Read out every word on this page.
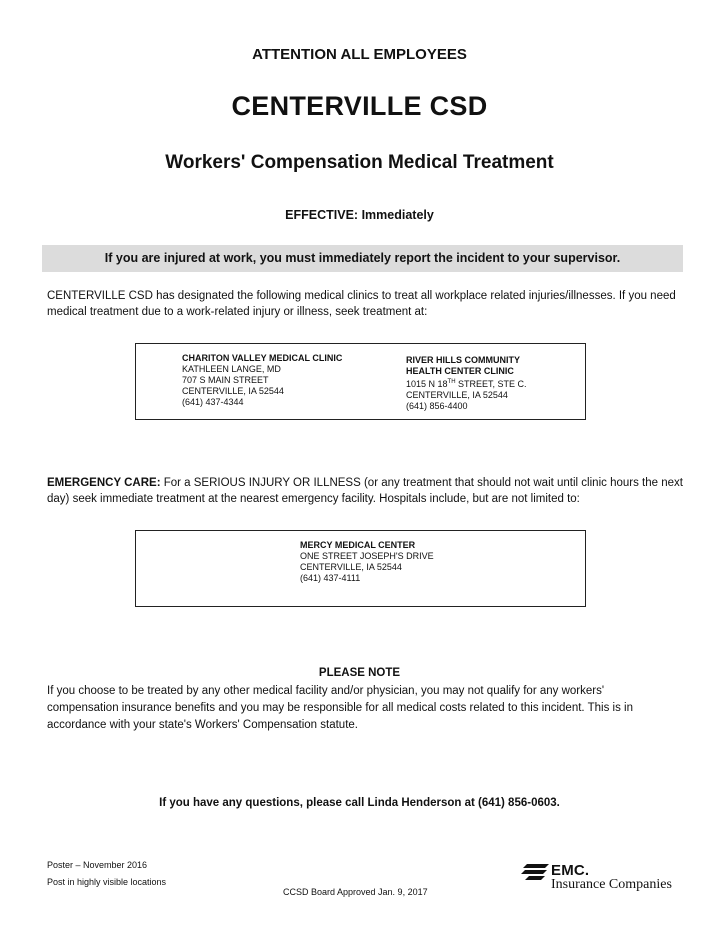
ATTENTION ALL EMPLOYEES
CENTERVILLE CSD
Workers' Compensation Medical Treatment
EFFECTIVE: Immediately
If you are injured at work, you must immediately report the incident to your supervisor.
CENTERVILLE CSD has designated the following medical clinics to treat all workplace related injuries/illnesses. If you need medical treatment due to a work-related injury or illness, seek treatment at:
CHARITON VALLEY MEDICAL CLINIC
KATHLEEN LANGE, MD
707 S MAIN STREET
CENTERVILLE, IA 52544
(641) 437-4344
RIVER HILLS COMMUNITY
HEALTH CENTER CLINIC
1015 N 18TH STREET, STE C.
CENTERVILLE, IA 52544
(641) 856-4400
EMERGENCY CARE: For a SERIOUS INJURY OR ILLNESS (or any treatment that should not wait until clinic hours the next day) seek immediate treatment at the nearest emergency facility. Hospitals include, but are not limited to:
MERCY MEDICAL CENTER
ONE STREET JOSEPH'S DRIVE
CENTERVILLE, IA 52544
(641) 437-4111
PLEASE NOTE
If you choose to be treated by any other medical facility and/or physician, you may not qualify for any workers' compensation insurance benefits and you may be responsible for all medical costs related to this incident. This is in accordance with your state's Workers' Compensation statute.
If you have any questions, please call Linda Henderson at (641) 856-0603.
Poster – November 2016
Post in highly visible locations
CCSD Board Approved Jan. 9, 2017
EMC.
Insurance Companies
